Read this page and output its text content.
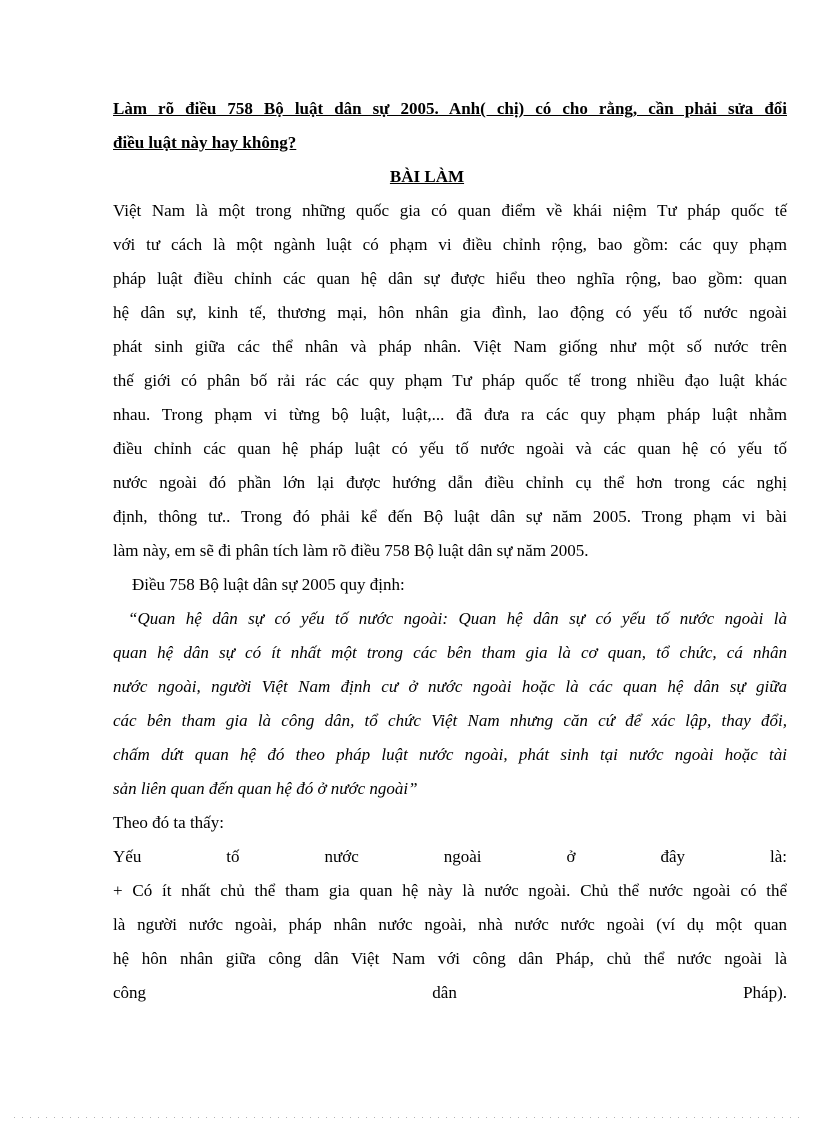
Làm rõ điều 758 Bộ luật dân sự 2005. Anh( chị) có cho rằng, cần phải sửa đổi
điều luật này hay không?
BÀI LÀM
Việt Nam là một trong những quốc gia có quan điểm về khái niệm Tư pháp quốc tế
với tư cách là một ngành luật có phạm vi điều chỉnh rộng, bao gồm: các quy phạm
pháp luật điều chỉnh các quan hệ dân sự được hiểu theo nghĩa rộng, bao gồm: quan
hệ dân sự, kinh tế, thương mại, hôn nhân gia đình, lao động có yếu tố nước ngoài
phát sinh giữa các thể nhân và pháp nhân. Việt Nam giống như một số nước trên
thế giới có phân bố rải rác các quy phạm Tư pháp quốc tế trong nhiều đạo luật khác
nhau. Trong phạm vi từng bộ luật, luật,... đã đưa ra các quy phạm pháp luật nhằm
điều chỉnh các quan hệ pháp luật có yếu tố nước ngoài và các quan hệ có yếu tố
nước ngoài đó phần lớn lại được hướng dẫn điều chỉnh cụ thể hơn trong các nghị
định, thông tư.. Trong đó phải kể đến Bộ luật dân sự năm 2005. Trong phạm vi bài
làm này, em sẽ đi phân tích làm rõ điều 758 Bộ luật dân sự năm 2005.
Điều 758 Bộ luật dân sự 2005 quy định:
“Quan hệ dân sự có yếu tố nước ngoài: Quan hệ dân sự có yếu tố nước ngoài là
quan hệ dân sự có ít nhất một trong các bên tham gia là cơ quan, tổ chức, cá nhân
nước ngoài, người Việt Nam định cư ở nước ngoài hoặc là các quan hệ dân sự giữa
các bên tham gia là công dân, tổ chức Việt Nam nhưng căn cứ để xác lập, thay đổi,
chấm dứt quan hệ đó theo pháp luật nước ngoài, phát sinh tại nước ngoài hoặc tài
sản liên quan đến quan hệ đó ở nước ngoài”
Theo đó ta thấy:
Yếu tố nước ngoài ở đây là:
+ Có ít nhất chủ thể tham gia quan hệ này là nước ngoài. Chủ thể nước ngoài có thể
là người nước ngoài, pháp nhân nước ngoài, nhà nước nước ngoài (ví dụ một quan
hệ hôn nhân giữa công dân Việt Nam với công dân Pháp, chủ thể nước ngoài là
công dân Pháp).
